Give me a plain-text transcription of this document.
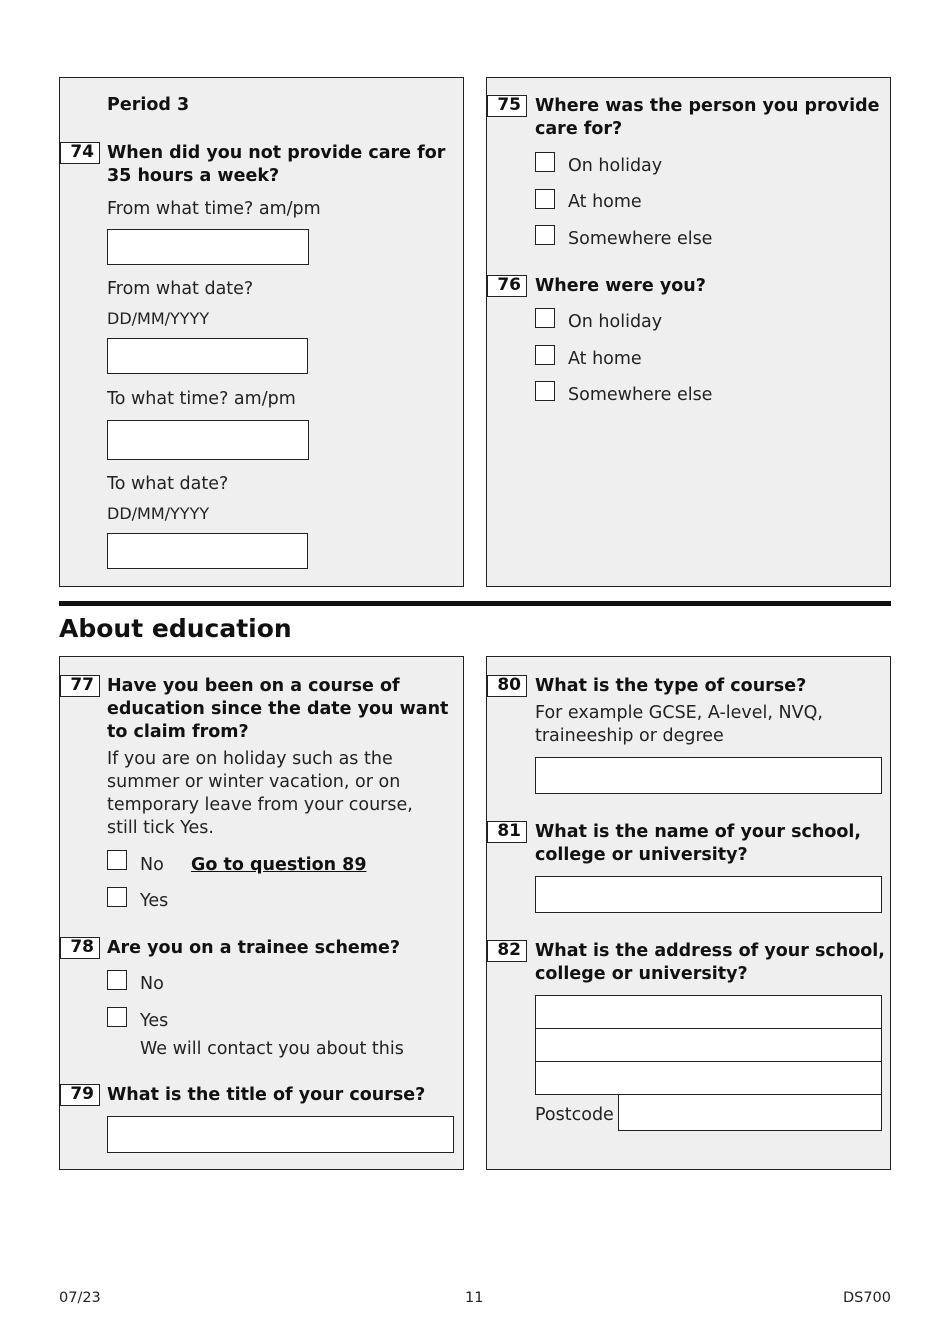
Period 3
74 When did you not provide care for
35 hours a week?
From what time? am/pm
From what date?
DD/MM/YYYY
To what time? am/pm
To what date?
DD/MM/YYYY
75 Where was the person you provide
care for?
On holiday
At home
Somewhere else
76 Where were you?
On holiday
At home
Somewhere else
About education
77 Have you been on a course of
education since the date you want
to claim from?
If you are on holiday such as the
summer or winter vacation, or on
temporary leave from your course,
still tick Yes.
No Go to question 89
Yes
78 Are you on a trainee scheme?
No
Yes
We will contact you about this
79 What is the title of your course?
80 What is the type of course?
For example GCSE, A-level, NVQ,
traineeship or degree
81 What is the name of your school,
college or university?
82 What is the address of your school,
college or university?
Postcode
07/23	11	DS700
